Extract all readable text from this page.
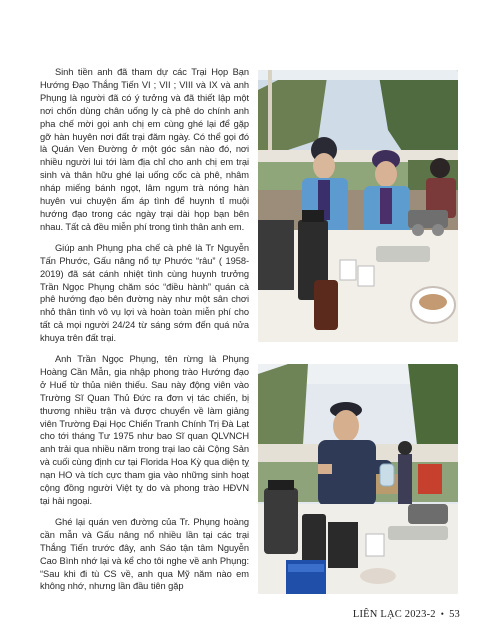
Sinh tiền anh đã tham dự các Trại Họp Bạn Hướng Đạo Thắng Tiến VI ; VII ; VIII và IX và anh Phụng là người đã có ý tưởng và đã thiết lập một nơi chốn dùng chân uống ly cà phê do chính anh pha chế mời gọi anh chị em cùng ghé lại để gặp gỡ hàn huyên nơi đất trại đăm ngày. Có thể gọi đó là Quán Ven Đường ở một góc sân nào đó, nơi nhiều người lui tới làm địa chỉ cho anh chị em trại sinh và thân hữu ghé lại uống cốc cà phê, nhâm nháp miếng bánh ngọt, lâm ngụm trà nóng hàn huyên vui chuyện ấm áp tình để huynh tỉ muội hướng đạo trong các ngày trại dài họp bạn bên nhau. Tất cả đều miễn phí trong tình thân anh em.

Giúp anh Phụng pha chế cà phê là Tr Nguyễn Tấn Phước, Gấu nâng nổ tự Phước “râu” ( 1958-2019) đã sát cánh nhiệt tình cùng huynh trưởng Trần Ngọc Phụng chăm sóc “điều hành” quán cà phê hướng đạo bên đường này như một sân chơi nhỏ thân tình vô vụ lợi và hoàn toàn miễn phí cho tất cả mọi người 24/24 từ sáng sớm đến quá nửa khuya trên đất trại.

Anh Trần Ngọc Phụng, tên rừng là Phụng Hoàng Cần Mẫn, gia nhập phong trào Hướng đạo ở Huế từ thủa niên thiếu. Sau này động viên vào Trường Sĩ Quan Thủ Đức ra đơn vị tác chiến, bị thương nhiều trận và được chuyển về làm giảng viên Trường Đại Học Chiến Tranh Chính Trị Đà Lạt cho tới tháng Tư 1975 như bao Sĩ quan QLVNCH anh trải qua nhiều năm trong trại lao cải Cộng Sản và cuối cùng định cư tại Florida Hoa Kỳ qua diện tỵ nạn HO và tích cực tham gia vào những sinh hoạt cộng đồng người Việt tỵ do và phong trào HĐVN tại hải ngoại.

Ghé lại quán ven đường của Tr. Phụng hoàng cần mẫn và Gấu nâng nổ nhiều lần tại các trại Thắng Tiến trước đây, anh Sáo tận tâm Nguyễn Cao Bình nhớ lại và kể cho tôi nghe về anh Phụng: “Sau khi đi tù CS về, anh qua Mỹ năm nào em không nhớ, nhưng lần đầu tiên gặp

LIÊN LẠC 2023-2 • 53
